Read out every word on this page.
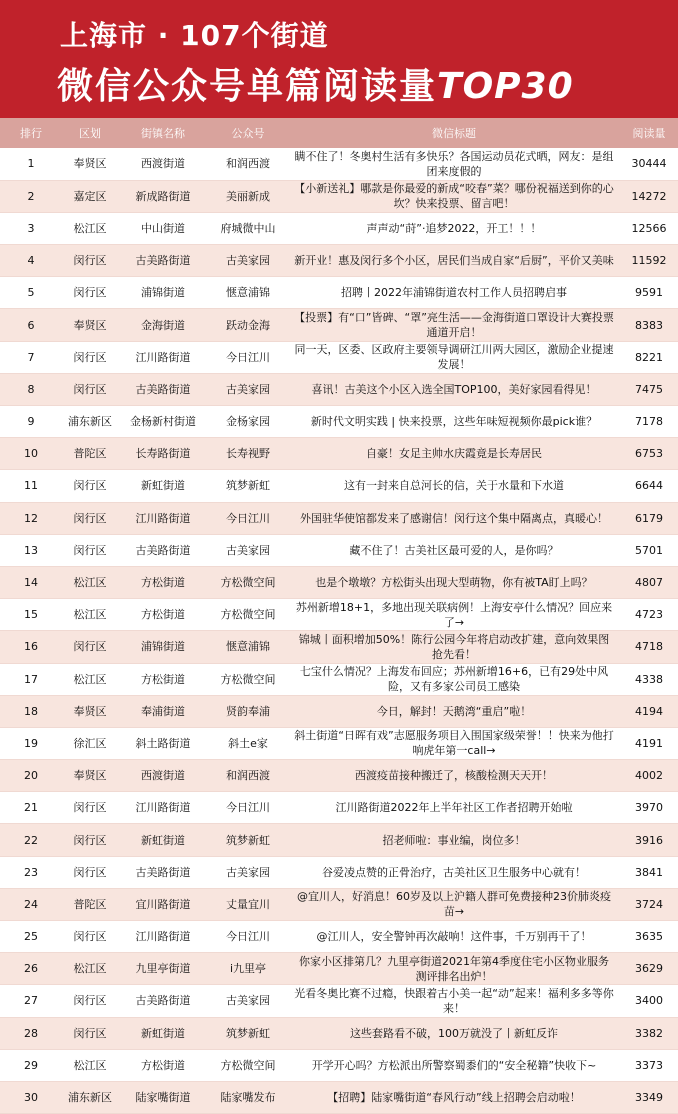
上海市 · 107个街道
微信公众号单篇阅读量TOP30
排行	区划	街镇名称	公众号	微信标题	阅读量
1	奉贤区	西渡街道	和润西渡	瞒不住了！冬奥村生活有多快乐？各国运动员花式晒，网友：是组团来度假的	30444
2	嘉定区	新成路街道	美丽新成	【小新送礼】哪款是你最爱的新成“咬春”菜？哪份祝福送到你的心坎？快来投票、留言吧！	14272
3	松江区	中山街道	府城微中山	声声动“莳”·追梦2022，开工！！！	12566
4	闵行区	古美路街道	古美家园	新开业！惠及闵行多个小区，居民们当成自家“后厨”，平价又美味	11592
5	闵行区	浦锦街道	惬意浦锦	招聘丨2022年浦锦街道农村工作人员招聘启事	9591
6	奉贤区	金海街道	跃动金海	【投票】有“口”皆碑、“罩”亮生活——金海街道口罩设计大赛投票通道开启！	8383
7	闵行区	江川路街道	今日江川	同一天，区委、区政府主要领导调研江川两大园区，激励企业提速发展！	8221
8	闵行区	古美路街道	古美家园	喜讯！古美这个小区入选全国TOP100，美好家园看得见！	7475
9	浦东新区	金杨新村街道	金杨家园	新时代文明实践 | 快来投票，这些年味短视频你最pick谁？	7178
10	普陀区	长寿路街道	长寿视野	自豪！女足主帅水庆霞竟是长寿居民	6753
11	闵行区	新虹街道	筑梦新虹	这有一封来自总河长的信，关于水量和下水道	6644
12	闵行区	江川路街道	今日江川	外国驻华使馆都发来了感谢信！闵行这个集中隔离点，真暖心！	6179
13	闵行区	古美路街道	古美家园	藏不住了！古美社区最可爱的人，是你吗？	5701
14	松江区	方松街道	方松微空间	也是个墩墩？方松街头出现大型萌物，你有被TA盯上吗？	4807
15	松江区	方松街道	方松微空间	苏州新增18+1，多地出现关联病例！上海安亭什么情况？回应来了→	4723
16	闵行区	浦锦街道	惬意浦锦	锦城丨面积增加50%！陈行公园今年将启动改扩建，意向效果图抢先看！	4718
17	松江区	方松街道	方松微空间	七宝什么情况？上海发布回应；苏州新增16+6，已有29处中风险，又有多家公司员工感染	4338
18	奉贤区	奉浦街道	贤韵奉浦	今日，解封！天鹅湾“重启”啦！	4194
19	徐汇区	斜土路街道	斜土e家	斜土街道“日晖有戏”志愿服务项目入围国家级荣誉！！快来为他打响虎年第一call→	4191
20	奉贤区	西渡街道	和润西渡	西渡疫苗接种搬迁了，核酸检测天天开！	4002
21	闵行区	江川路街道	今日江川	江川路街道2022年上半年社区工作者招聘开始啦	3970
22	闵行区	新虹街道	筑梦新虹	招老师啦：事业编，岗位多！	3916
23	闵行区	古美路街道	古美家园	谷爱凌点赞的正骨治疗，古美社区卫生服务中心就有！	3841
24	普陀区	宜川路街道	丈量宜川	@宜川人，好消息！60岁及以上沪籍人群可免费接种23价肺炎疫苗→	3724
25	闵行区	江川路街道	今日江川	@江川人，安全警钟再次敲响！这件事，千万别再干了！	3635
26	松江区	九里亭街道	i九里亭	你家小区排第几？九里亭街道2021年第4季度住宅小区物业服务测评排名出炉！	3629
27	闵行区	古美路街道	古美家园	光看冬奥比赛不过瘾，快跟着古小美一起“动”起来！福利多多等你来！	3400
28	闵行区	新虹街道	筑梦新虹	这些套路看不破，100万就没了丨新虹反诈	3382
29	松江区	方松街道	方松微空间	开学开心吗？方松派出所警察蜀黍们的“安全秘籍”快收下~	3373
30	浦东新区	陆家嘴街道	陆家嘴发布	【招聘】陆家嘴街道“春风行动”线上招聘会启动啦！	3349
